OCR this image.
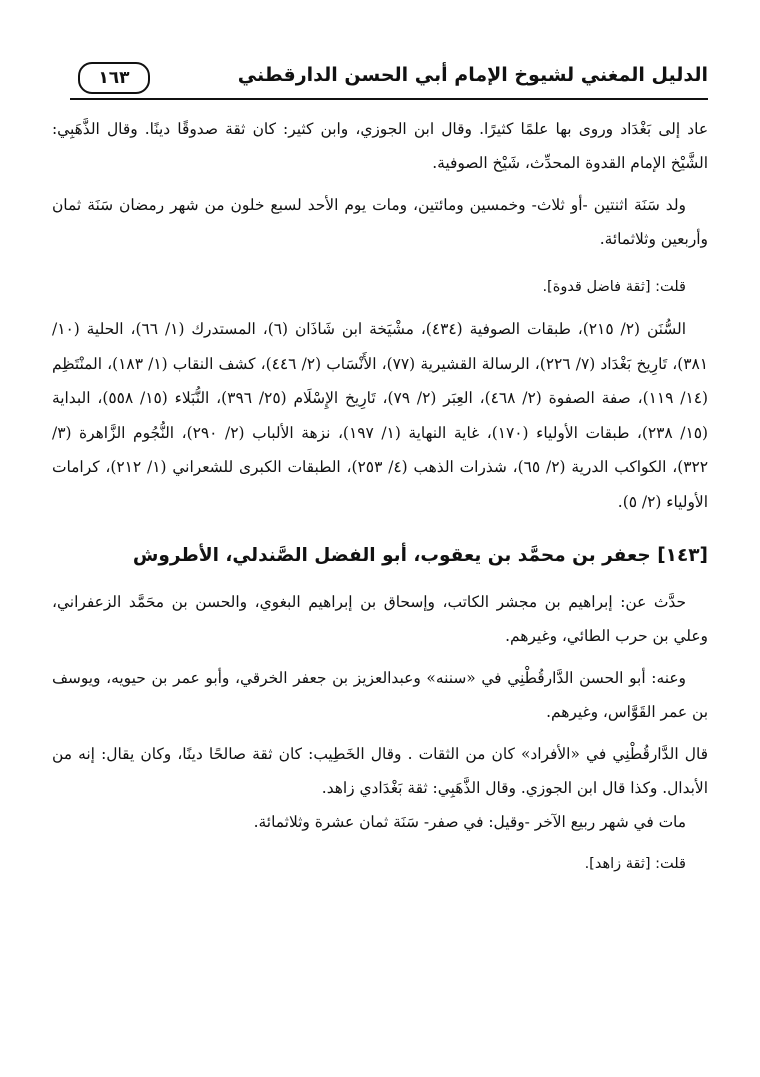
الدليل المغني لشيوخ الإمام أبي الحسن الدارقطني
١٦٣

عاد إلى بَغْدَاد وروى بها علمًا كثيرًا. وقال ابن الجوزي، وابن كثير: كان ثقة صدوقًا دينًا. وقال الذَّهَبِي: الشَّيْخ الإمام القدوة المحدِّث، شَيْخ الصوفية.

ولد سَنَة اثنتين -أو ثلاث- وخمسين ومائتين، ومات يوم الأحد لسبع خلون من شهر رمضان سَنَة ثمان وأربعين وثلاثمائة.

قلت: [ثقة فاضل قدوة].

السُّنَن (٢/ ٢١٥)، طبقات الصوفية (٤٣٤)، مشْيَخة ابن شَاذَان (٦)، المستدرك (١/ ٦٦)، الحلية (١٠/ ٣٨١)، تَارِيخ بَغْدَاد (٧/ ٢٢٦)، الرسالة القشيرية (٧٧)، الأَنْسَاب (٢/ ٤٤٦)، كشف النقاب (١/ ١٨٣)، المنْتَظِم (١٤/ ١١٩)، صفة الصفوة (٢/ ٤٦٨)، العِبَر (٢/ ٧٩)، تَارِيخ الإِسْلَام (٢٥/ ٣٩٦)، النُّبَلاء (١٥/ ٥٥٨)، البداية (١٥/ ٢٣٨)، طبقات الأولياء (١٧٠)، غاية النهاية (١/ ١٩٧)، نزهة الألباب (٢/ ٢٩٠)، النُّجُوم الزَّاهرة (٣/ ٣٢٢)، الكواكب الدرية (٢/ ٦٥)، شذرات الذهب (٤/ ٢٥٣)، الطبقات الكبرى للشعراني (١/ ٢١٢)، كرامات الأولياء (٢/ ٥).

[١٤٣] جعفر بن محمَّد بن يعقوب، أبو الفضل الصَّندلي، الأطروش

حدَّث عن: إبراهيم بن مجشر الكاتب، وإسحاق بن إبراهيم البغوي، والحسن بن محَمَّد الزعفراني، وعلي بن حرب الطائي، وغيرهم.

وعنه: أبو الحسن الدَّارقُطْنِي في «سننه» وعبدالعزيز بن جعفر الخرقي، وأبو عمر بن حيويه، ويوسف بن عمر القَوَّاس، وغيرهم.

قال الدَّارقُطْنِي في «الأفراد» كان من الثقات . وقال الخَطِيب: كان ثقة صالحًا دينًا، وكان يقال: إنه من الأبدال. وكذا قال ابن الجوزي. وقال الذَّهَبِي: ثقة بَغْدَادي زاهد.

مات في شهر ربيع الآخر -وقيل: في صفر- سَنَة ثمان عشرة وثلاثمائة.

قلت: [ثقة زاهد].
